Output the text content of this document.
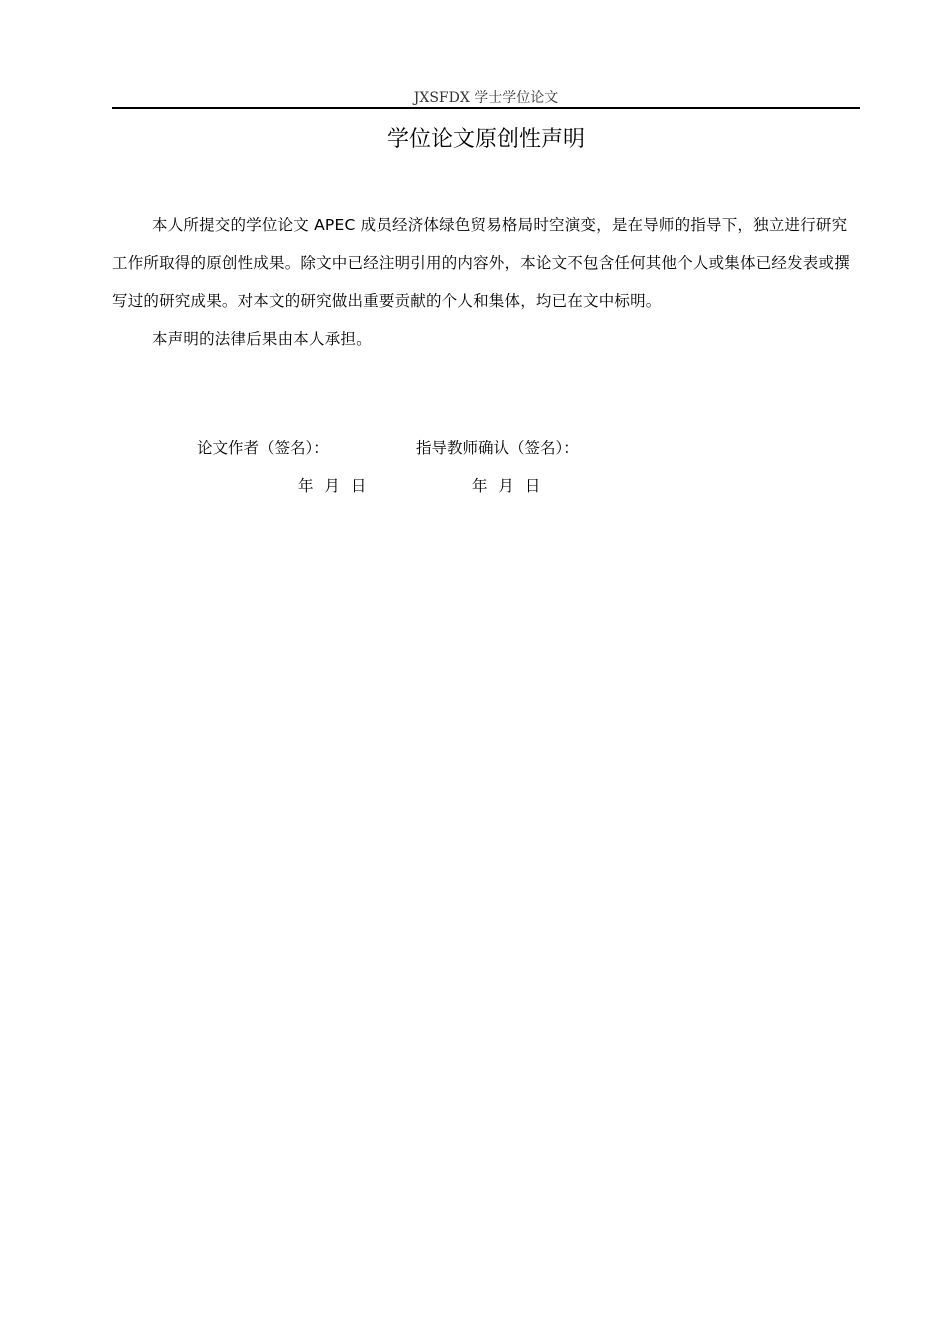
JXSFDX 学士学位论文
学位论文原创性声明
本人所提交的学位论文 APEC 成员经济体绿色贸易格局时空演变，是在导师的指导下，独立进行研究工作所取得的原创性成果。除文中已经注明引用的内容外，本论文不包含任何其他个人或集体已经发表或撰写过的研究成果。对本文的研究做出重要贡献的个人和集体，均已在文中标明。
本声明的法律后果由本人承担。
论文作者（签名）：	指导教师确认（签名）：
年 月 日	年 月 日
